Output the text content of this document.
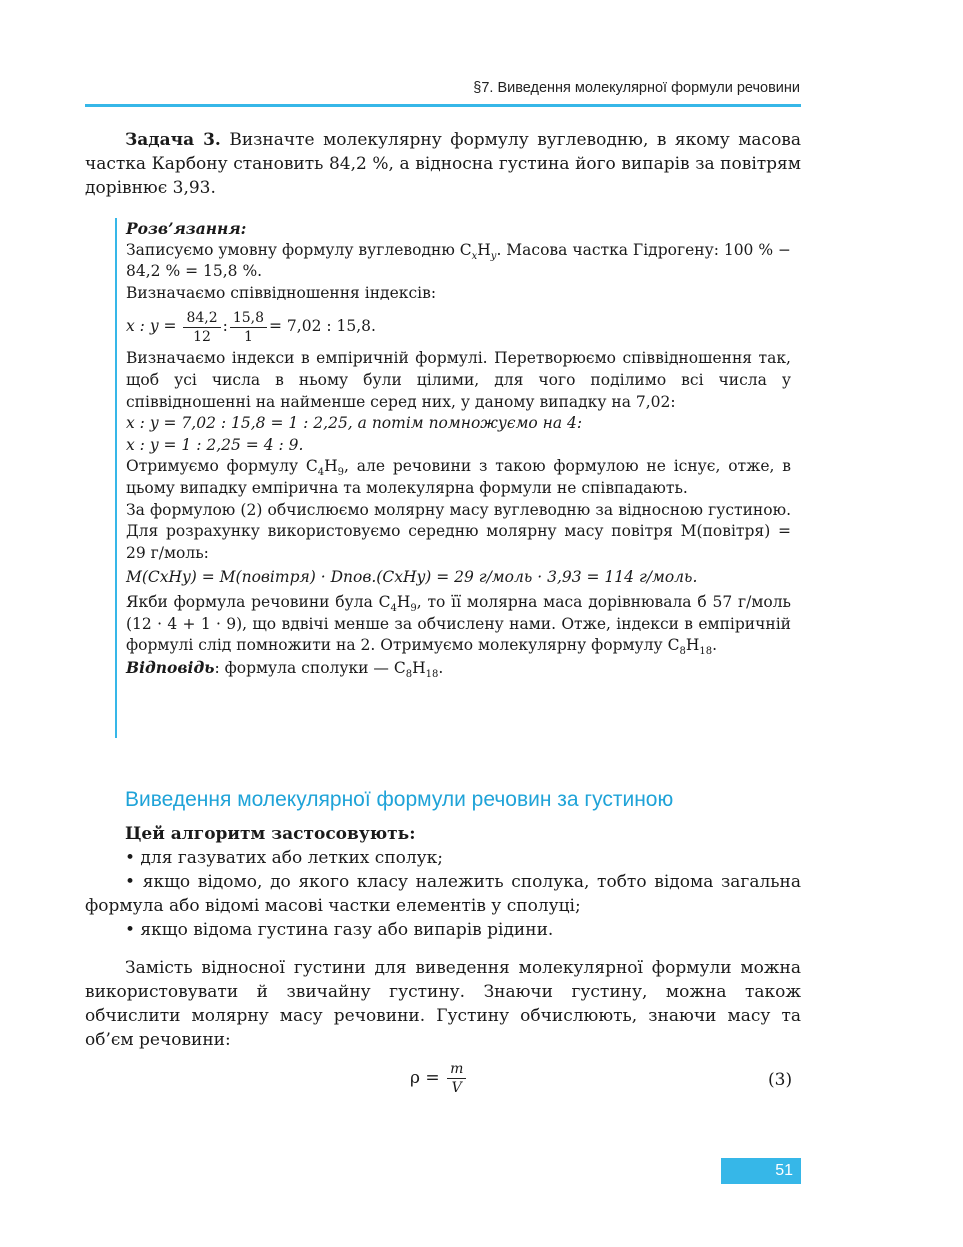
§7. Виведення молекулярної формули речовини
Задача 3. Визначте молекулярну формулу вуглеводню, в якому масова частка Карбону становить 84,2 %, а відносна густина його випарів за повітрям дорівнює 3,93.

Розв’язання:

Записуємо умовну формулу вуглеводню $C_xH_y$. Масова частка Гідрогену: 100 % − 84,2 % = 15,8 %.

Визначаємо співвідношення індексів:

x : $y = \frac{84,2}{12}$ : $\frac{15,8}{1} = 7,02$ : 15,8.

Визначаємо індекси в емпіричній формулі. Перетворюємо співвідношення так, щоб усі числа в ньому були цілими, для чого поділимо всі числа у співвідношенні на найменше серед них, у даному випадку на 7,02:

x : y = 7,02 : 15,8 = 1 : 2,25, а потім помножуємо на 4:

x : y = 1 : 2,25 = 4 : 9.

Отримуємо формулу $C_4H_9$, але речовини з такою формулою не існує, отже, в цьому випадку емпірична та молекулярна формули не співпадають.

За формулою (2) обчислюємо молярну масу вуглеводню за відносною густиною. Для розрахунку використовуємо середню молярну масу повітря M(повітря) = 29 г/моль:

M(CxHy) = M(повітря) · Dпов.(CxHy) = 29 г/моль · 3,93 = 114 г/моль.

Якби формула речовини була $C_4H_9$, то її молярна маса дорівнювала б 57 г/моль (12 · 4 + 1 · 9), що вдвічі менше за обчислену нами. Отже, індекси в емпіричній формулі слід помножити на 2. Отримуємо молекулярну формулу $C_8H_{18}$.

Відповідь: формула сполуки — $C_8H_{18}$.

Виведення молекулярної формули речовин за густиною

Цей алгоритм застосовують:

• для газуватих або летких сполук;

• якщо відомо, до якого класу належить сполука, тобто відома загальна формула або відомі масові частки елементів у сполуці;

• якщо відома густина газу або випарів рідини.

Замість відносної густини для виведення молекулярної формули можна використовувати й звичайну густину. Знаючи густину, можна також обчислити молярну масу речовини. Густину обчислюють, знаючи масу та об’єм речовини:
$\rho = \frac{m}{V}$	(3)
51
